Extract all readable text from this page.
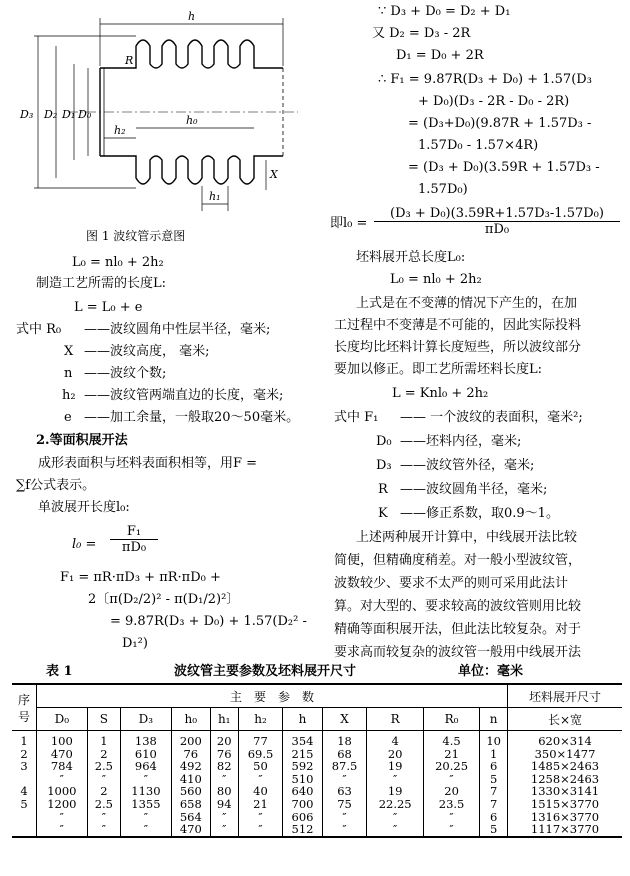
h
R
D₃ D₂ D₁ D₀
h₂
h₀
h₁
X
图 1 波纹管示意图
L₀ = nl₀ + 2h₂
制造工艺所需的长度L:
L = L₀ + e
式中 R₀ ——波纹圆角中性层半径，毫米;
X ——波纹高度， 毫米;
n ——波纹个数;
h₂ ——波纹管两端直边的长度，毫米;
e ——加工余量，一般取20～50毫米。
2.等面积展开法
成形表面积与坯料表面积相等，用F =
∑f公式表示。
单波展开长度l₀:
$l_0 = \frac{\text{F₁}}{\text{πD₀}}$
F₁ = πR·πD₃ + πR·πD₀ +
2〔π(D₂/2)² - π(D₁/2)²〕
= 9.87R(D₃ + D₀) + 1.57(D₂² -
D₁²)
∵ D₃ + D₀ = D₂ + D₁
又 D₂ = D₃ - 2R
D₁ = D₀ + 2R
∴ F₁ = 9.87R(D₃ + D₀) + 1.57(D₃
+ D₀)(D₃ - 2R - D₀ - 2R)
= (D₃+D₀)(9.87R + 1.57D₃ -
1.57D₀ - 1.57×4R)
= (D₃ + D₀)(3.59R + 1.57D₃ -
1.57D₀)
即$l_0 = \frac{\text{(D₃ + D₀)(3.59R+1.57D₃-1.57D₀)}}{\text{πD₀}}$
坯料展开总长度L₀:
L₀ = nl₀ + 2h₂
上式是在不变薄的情况下产生的，在加
工过程中不变薄是不可能的，因此实际投料
长度均比坯料计算长度短些，所以波纹部分
要加以修正。即工艺所需坯料长度L:
L = Knl₀ + 2h₂
式中 F₁ —— 一个波纹的表面积，毫米²;
D₀ ——坯料内径，毫米;
D₃ ——波纹管外径，毫米;
R ——波纹圆角半径，毫米;
K ——修正系数，取0.9～1。
上述两种展开计算中，中线展开法比较
简便，但精确度稍差。对一般小型波纹管，
波数较少、要求不太严的则可采用此法计
算。对大型的、要求较高的波纹管则用比较
精确等面积展开法，但此法比较复杂。对于
要求高而较复杂的波纹管一般用中线展开法
表 1	波纹管主要参数及坯料展开尺寸	单位：毫米
序号	主　要　参　数											坯料展开尺寸
	D₀	S	D₃	h₀	h₁	h₂	h	X	R	R₀	n	长×宽
1	100	1	138	200	20	77	354	18	4	4.5	10	620×314
2	470	2	610	76	76	69.5	215	68	20	21	1	350×1477
3	784	2.5	964	492	82	50	592	87.5	19	20.25	6	1485×2463
	″	″	″	410	″	″	510	″	″	″	5	1258×2463
4	1000	2	1130	560	80	40	640	63	19	20	7	1330×3141
5	1200	2.5	1355	658	94	21	700	75	22.25	23.5	7	1515×3770
	″	″	″	564	″	″	606	″	″	″	6	1316×3770
	″	″	″	470	″	″	512	″	″	″	5	1117×3770
